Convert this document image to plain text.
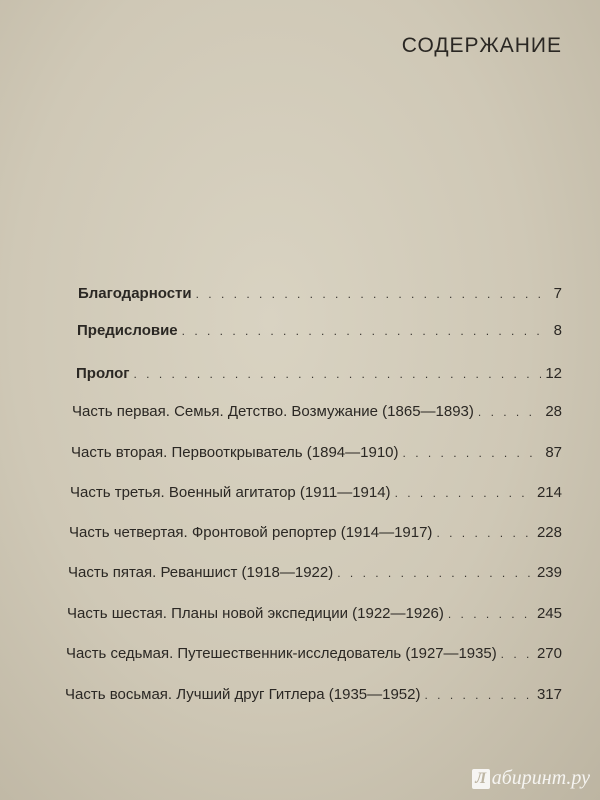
СОДЕРЖАНИЕ
Благодарности . . .	7
Предисловие . . .	8
Пролог . . .	12
Часть первая. Семья. Детство. Возмужание (1865—1893) . . .	28
Часть вторая. Первооткрыватель (1894—1910) . . .	87
Часть третья. Военный агитатор (1911—1914) . . .	214
Часть четвертая. Фронтовой репортер (1914—1917) . . .	228
Часть пятая. Реваншист (1918—1922) . . .	239
Часть шестая. Планы новой экспедиции (1922—1926) . . .	245
Часть седьмая. Путешественник-исследователь (1927—1935) . . .	270
Часть восьмая. Лучший друг Гитлера (1935—1952) . . .	317
Л абиринт.ру
